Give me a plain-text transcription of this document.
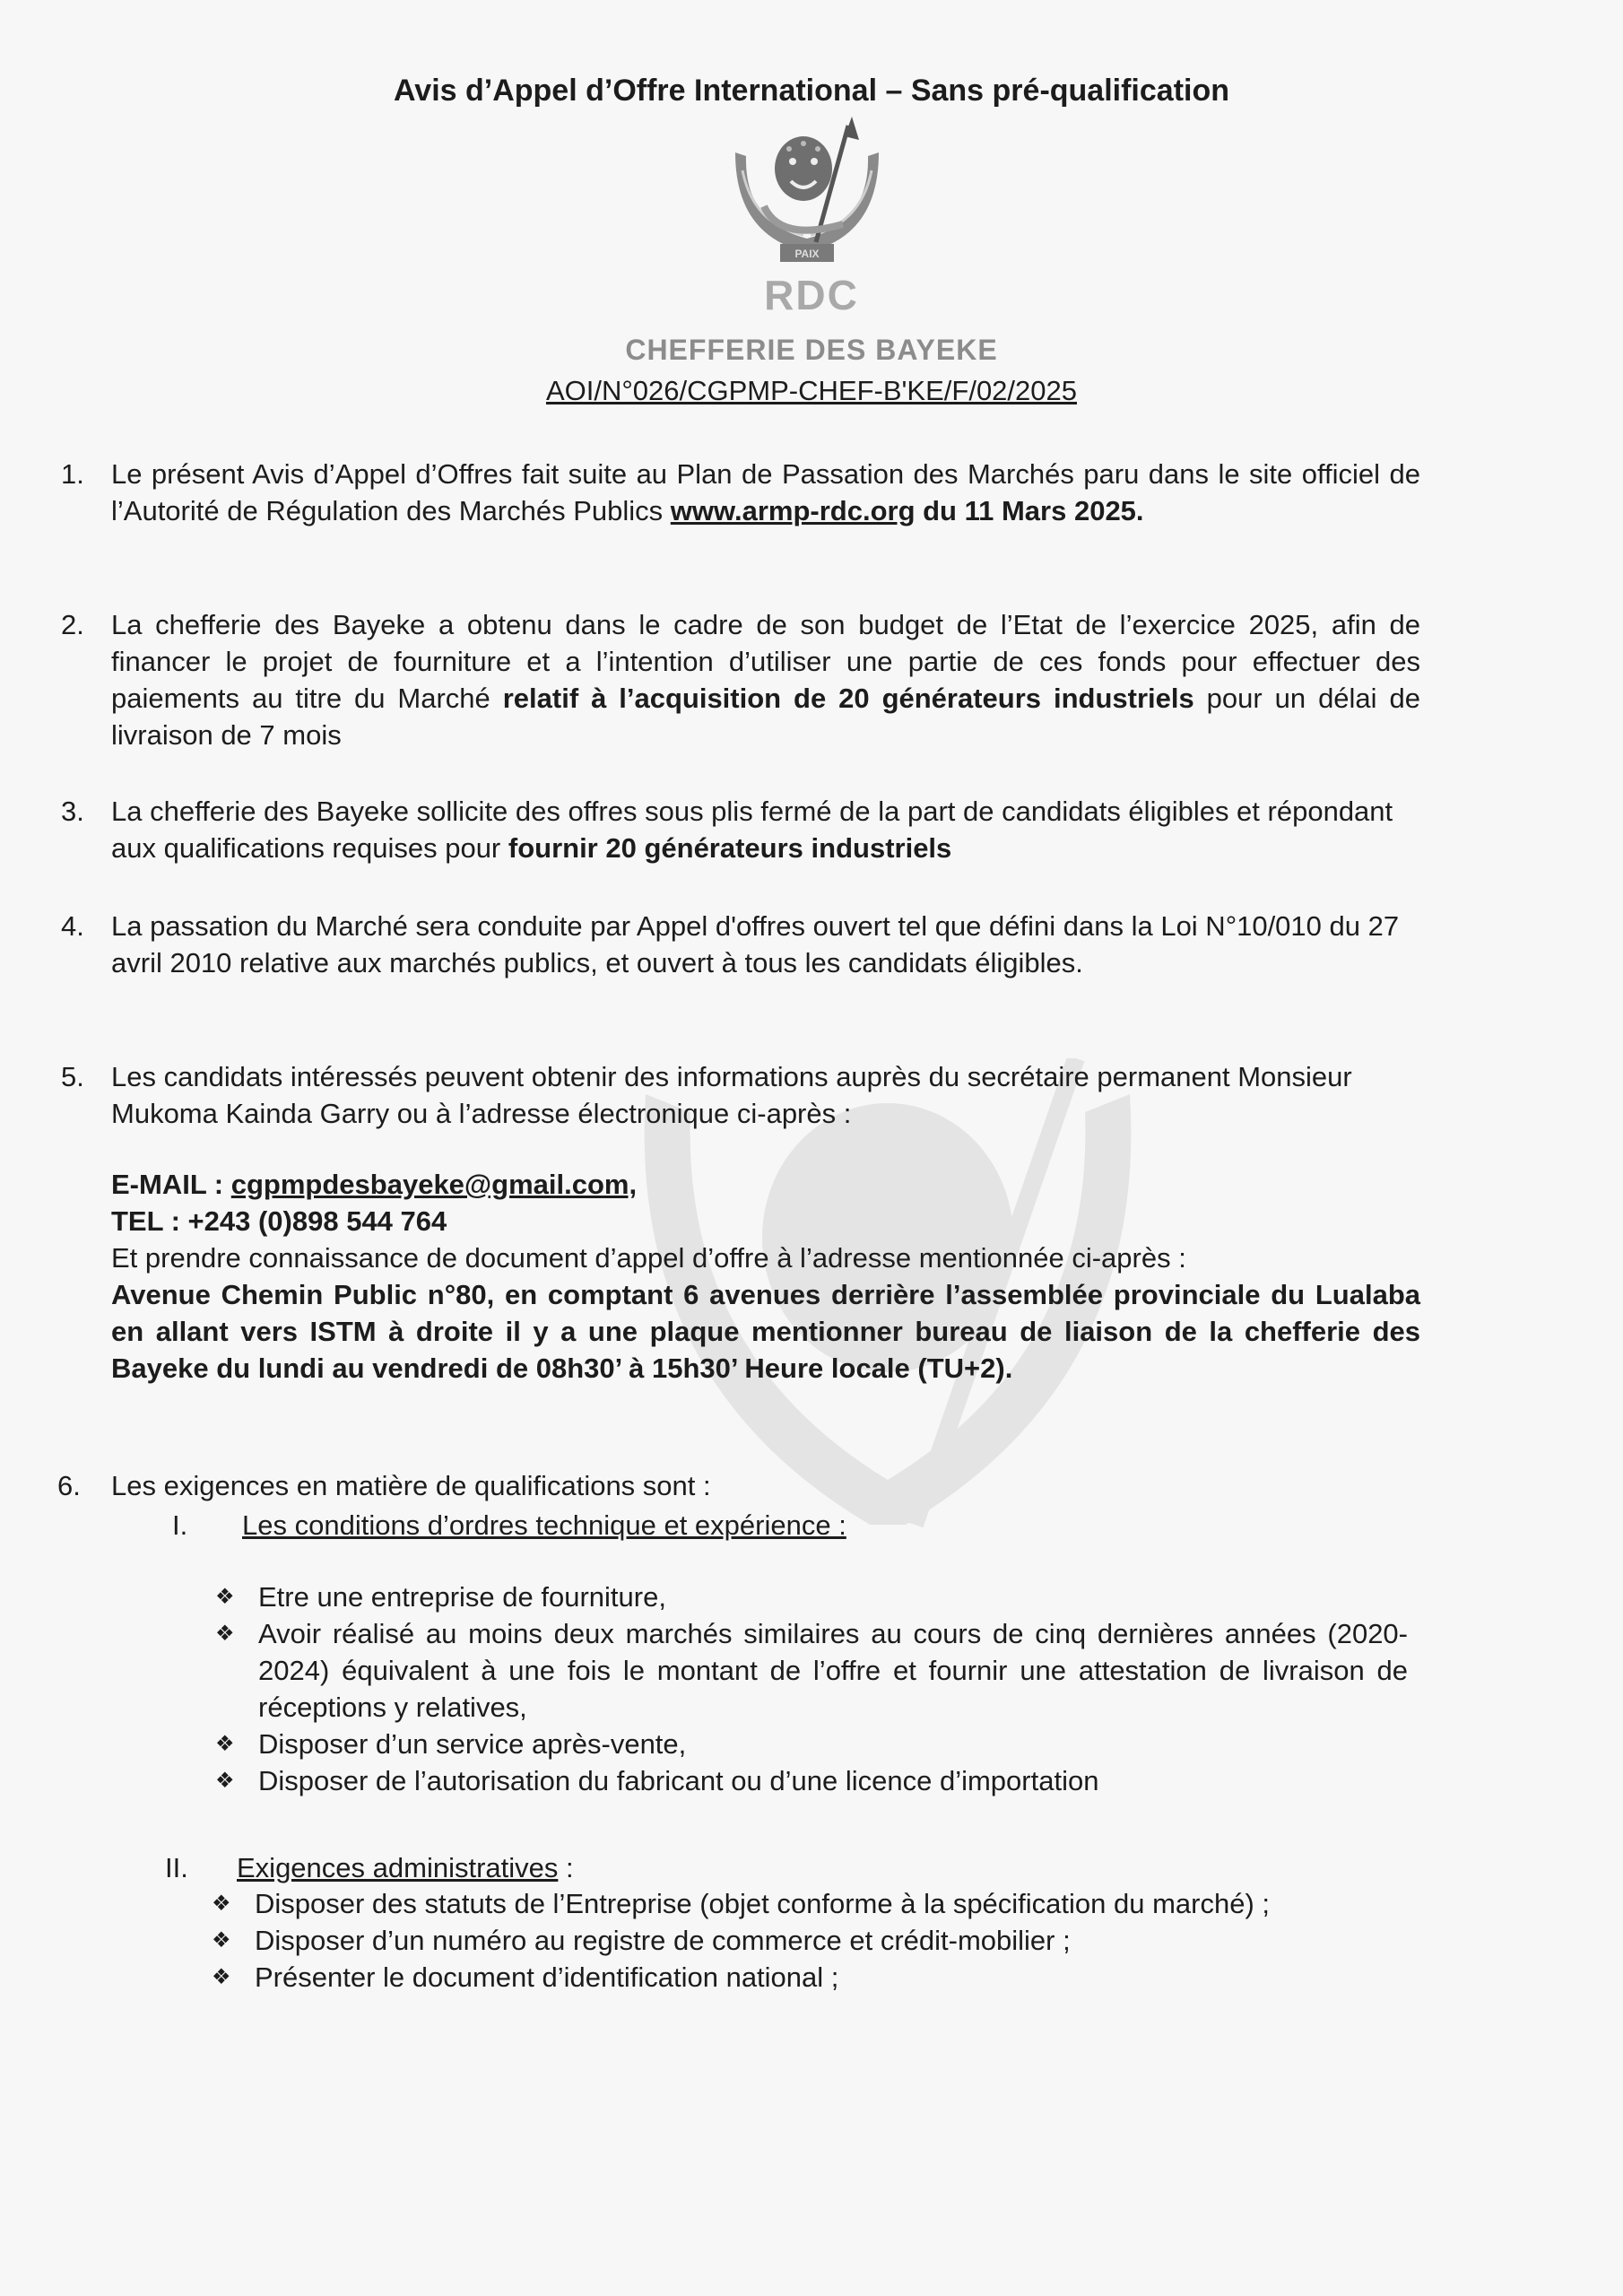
Avis d’Appel d’Offre International – Sans pré-qualification
PAIX
RDC
CHEFFERIE DES BAYEKE
AOI/N°026/CGPMP-CHEF-B'KE/F/02/2025
1. Le présent Avis d’Appel d’Offres fait suite au Plan de Passation des Marchés paru dans le site officiel de l’Autorité de Régulation des Marchés Publics www.armp-rdc.org du 11 Mars 2025.
2. La chefferie des Bayeke a obtenu dans le cadre de son budget de l’Etat de l’exercice 2025, afin de financer le projet de fourniture et a l’intention d’utiliser une partie de ces fonds pour effectuer des paiements au titre du Marché relatif à l’acquisition de 20 générateurs industriels pour un délai de livraison de 7 mois
3. La chefferie des Bayeke sollicite des offres sous plis fermé de la part de candidats éligibles et répondant aux qualifications requises pour fournir 20 générateurs industriels
4. La passation du Marché sera conduite par Appel d'offres ouvert tel que défini dans la Loi N°10/010 du 27 avril 2010 relative aux marchés publics, et ouvert à tous les candidats éligibles.
5. Les candidats intéressés peuvent obtenir des informations auprès du secrétaire permanent Monsieur Mukoma Kainda Garry ou à l’adresse électronique ci-après :
E-MAIL : cgpmpdesbayeke@gmail.com,
TEL : +243 (0)898 544 764
Et prendre connaissance de document d’appel d’offre à l’adresse mentionnée ci-après :
Avenue Chemin Public n°80, en comptant 6 avenues derrière l’assemblée provinciale du Lualaba en allant vers ISTM à droite il y a une plaque mentionner bureau de liaison de la chefferie des Bayeke du lundi au vendredi de 08h30’ à 15h30’ Heure locale (TU+2).
6. Les exigences en matière de qualifications sont :
I. Les conditions d’ordres technique et expérience :
❖ Etre une entreprise de fourniture,
❖ Avoir réalisé au moins deux marchés similaires au cours de cinq dernières années (2020-2024) équivalent à une fois le montant de l’offre et fournir une attestation de livraison de réceptions y relatives,
❖ Disposer d’un service après-vente,
❖ Disposer de l’autorisation du fabricant ou d’une licence d’importation
II. Exigences administratives :
❖ Disposer des statuts de l’Entreprise (objet conforme à la spécification du marché) ;
❖ Disposer d’un numéro au registre de commerce et crédit-mobilier ;
❖ Présenter le document d’identification national ;
